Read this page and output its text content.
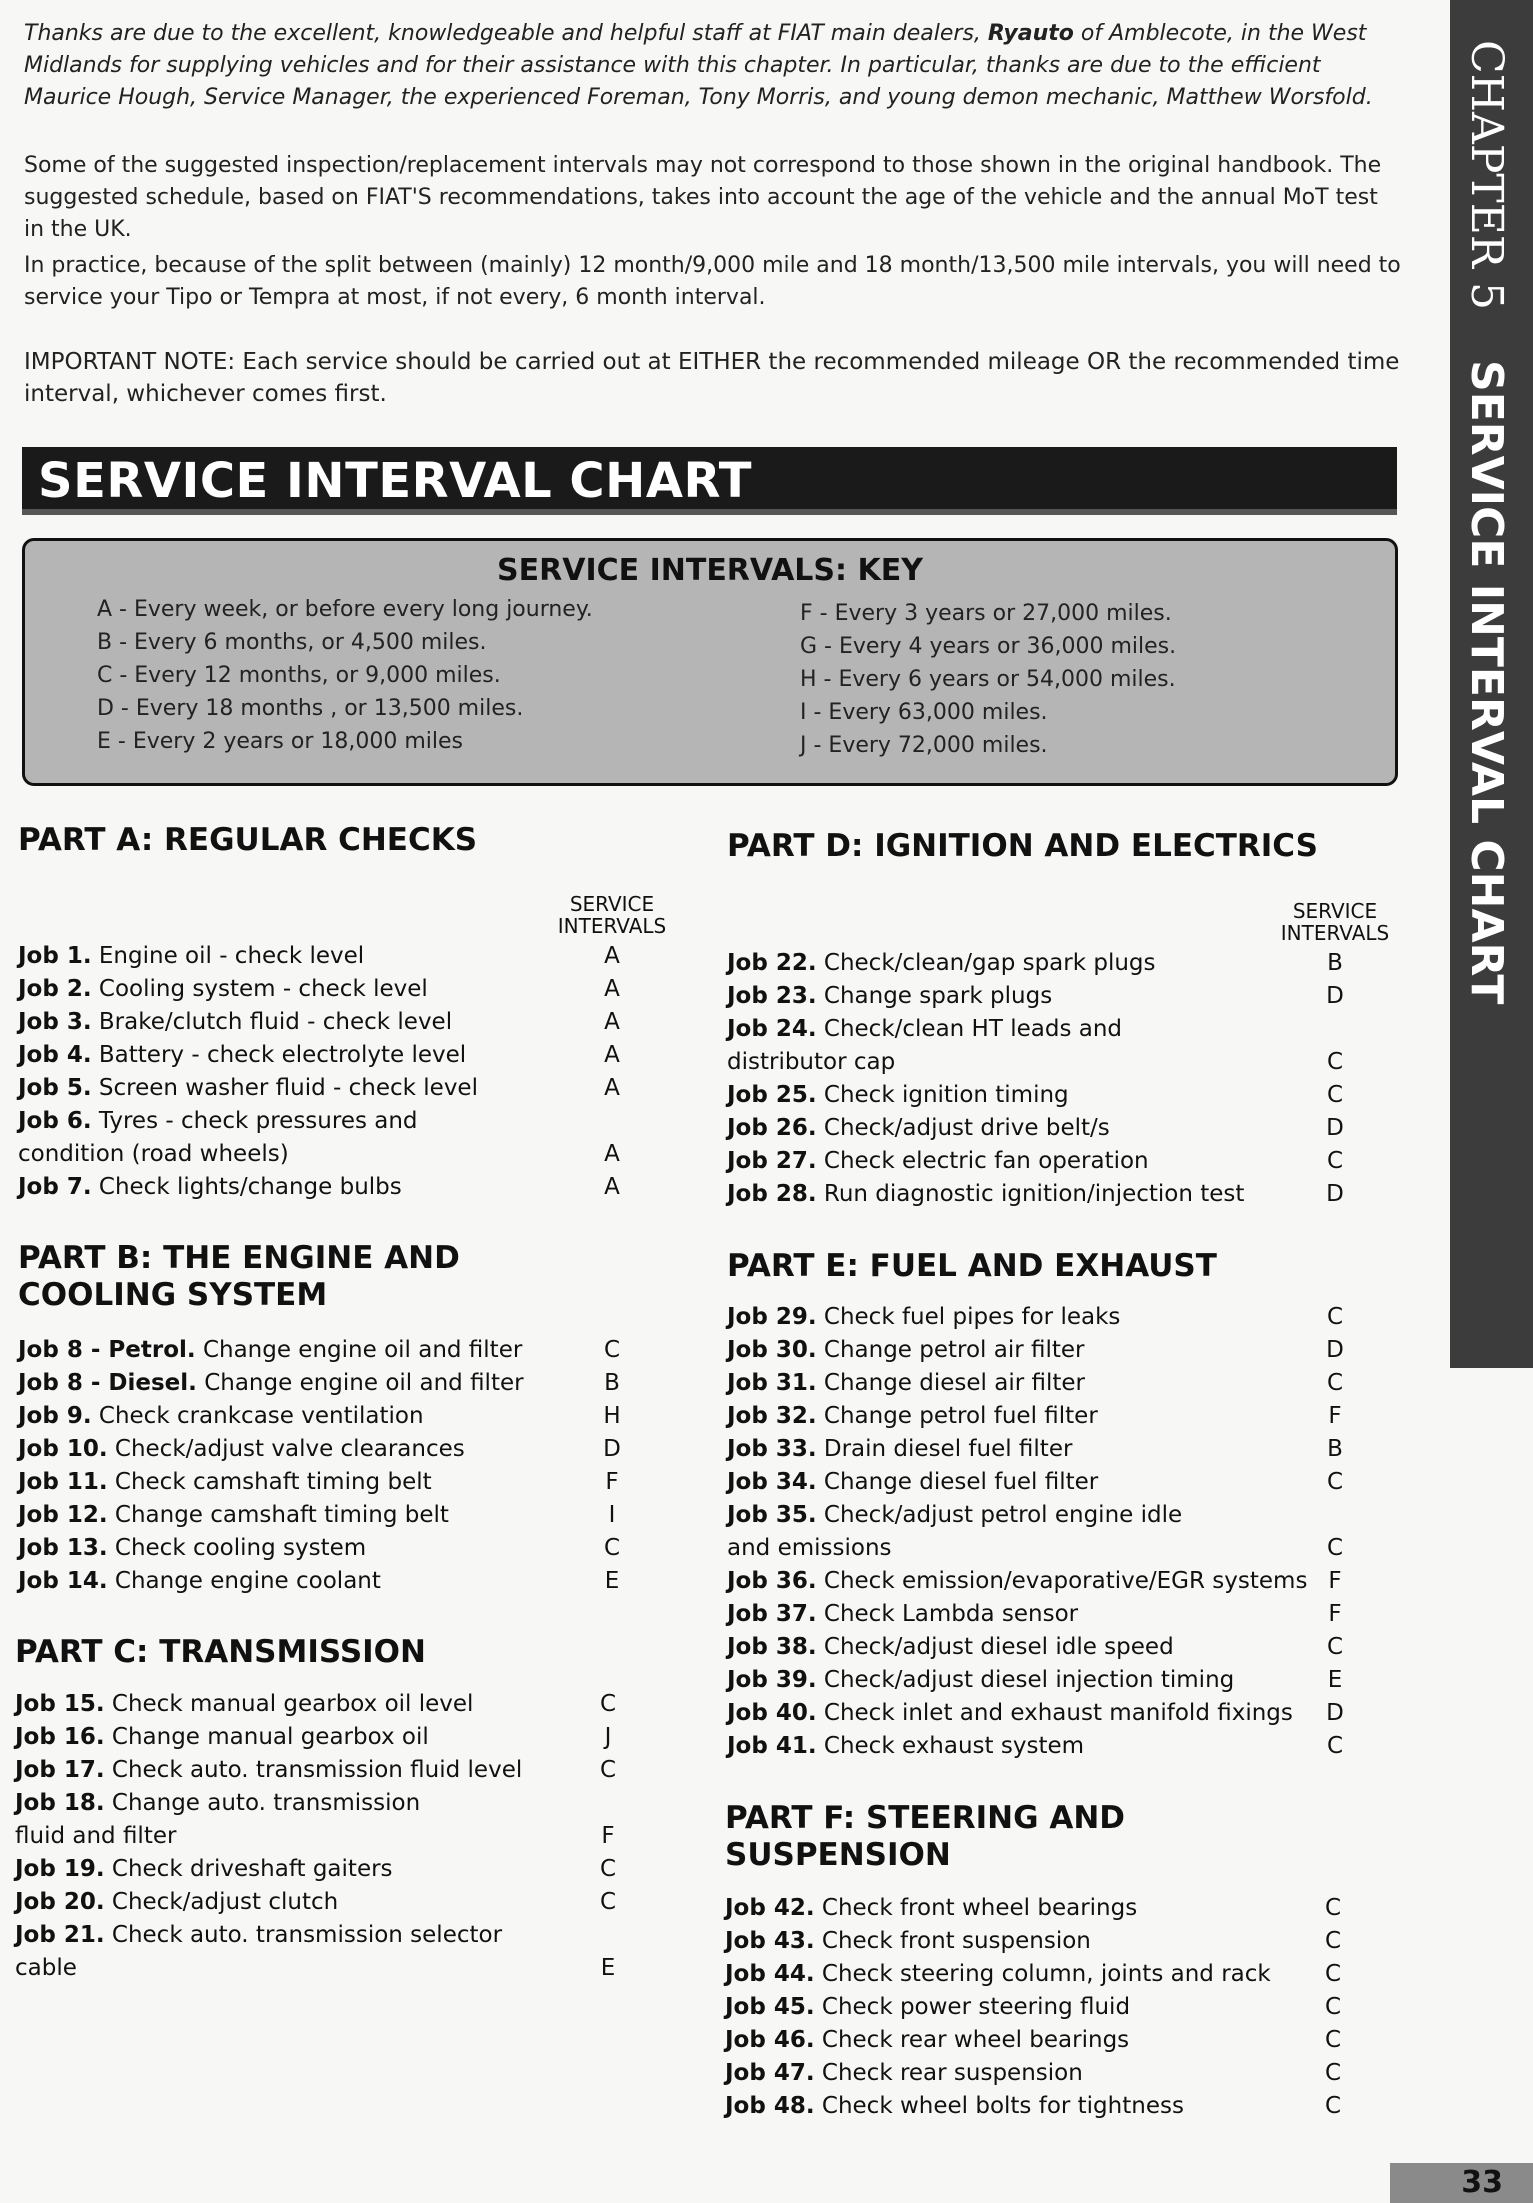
Thanks are due to the excellent, knowledgeable and helpful staff at FIAT main dealers, Ryauto of Amblecote, in the West Midlands for supplying vehicles and for their assistance with this chapter. In particular, thanks are due to the efficient Maurice Hough, Service Manager, the experienced Foreman, Tony Morris, and young demon mechanic, Matthew Worsfold.

Some of the suggested inspection/replacement intervals may not correspond to those shown in the original handbook. The suggested schedule, based on FIAT'S recommendations, takes into account the age of the vehicle and the annual MoT test in the UK.

In practice, because of the split between (mainly) 12 month/9,000 mile and 18 month/13,500 mile intervals, you will need to service your Tipo or Tempra at most, if not every, 6 month interval.

IMPORTANT NOTE: Each service should be carried out at EITHER the recommended mileage OR the recommended time interval, whichever comes first.

SERVICE INTERVAL CHART
SERVICE INTERVALS: KEY
A - Every week, or before every long journey.
B - Every 6 months, or 4,500 miles.
C - Every 12 months, or 9,000 miles.
D - Every 18 months , or 13,500 miles.
E - Every 2 years or 18,000 miles
F - Every 3 years or 27,000 miles.
G - Every 4 years or 36,000 miles.
H - Every 6 years or 54,000 miles.
I - Every 63,000 miles.
J - Every 72,000 miles.
CHAPTER 5SERVICE INTERVAL CHART
PART A: REGULAR CHECKS
SERVICE
INTERVALS
Job 1. Engine oil - check level	A
Job 2. Cooling system - check level	A
Job 3. Brake/clutch fluid - check level	A
Job 4. Battery - check electrolyte level	A
Job 5. Screen washer fluid - check level	A
Job 6. Tyres - check pressures and
condition (road wheels)	A
Job 7. Check lights/change bulbs	A
PART B: THE ENGINE AND
COOLING SYSTEM
Job 8 - Petrol. Change engine oil and filter	C
Job 8 - Diesel. Change engine oil and filter	B
Job 9. Check crankcase ventilation	H
Job 10. Check/adjust valve clearances	D
Job 11. Check camshaft timing belt	F
Job 12. Change camshaft timing belt	I
Job 13. Check cooling system	C
Job 14. Change engine coolant	E
PART C: TRANSMISSION
Job 15. Check manual gearbox oil level	C
Job 16. Change manual gearbox oil	J
Job 17. Check auto. transmission fluid level	C
Job 18. Change auto. transmission
fluid and filter	F
Job 19. Check driveshaft gaiters	C
Job 20. Check/adjust clutch	C
Job 21. Check auto. transmission selector
cable	E
PART D: IGNITION AND ELECTRICS
SERVICE
INTERVALS
Job 22. Check/clean/gap spark plugs	B
Job 23. Change spark plugs	D
Job 24. Check/clean HT leads and
distributor cap	C
Job 25. Check ignition timing	C
Job 26. Check/adjust drive belt/s	D
Job 27. Check electric fan operation	C
Job 28. Run diagnostic ignition/injection test	D
PART E: FUEL AND EXHAUST
Job 29. Check fuel pipes for leaks	C
Job 30. Change petrol air filter	D
Job 31. Change diesel air filter	C
Job 32. Change petrol fuel filter	F
Job 33. Drain diesel fuel filter	B
Job 34. Change diesel fuel filter	C
Job 35. Check/adjust petrol engine idle
and emissions	C
Job 36. Check emission/evaporative/EGR systems F
Job 37. Check Lambda sensor	F
Job 38. Check/adjust diesel idle speed	C
Job 39. Check/adjust diesel injection timing	E
Job 40. Check inlet and exhaust manifold fixings D
Job 41. Check exhaust system	C
PART F: STEERING AND
SUSPENSION
Job 42. Check front wheel bearings	C
Job 43. Check front suspension	C
Job 44. Check steering column, joints and rack	C
Job 45. Check power steering fluid	C
Job 46. Check rear wheel bearings	C
Job 47. Check rear suspension	C
Job 48. Check wheel bolts for tightness	C
33
